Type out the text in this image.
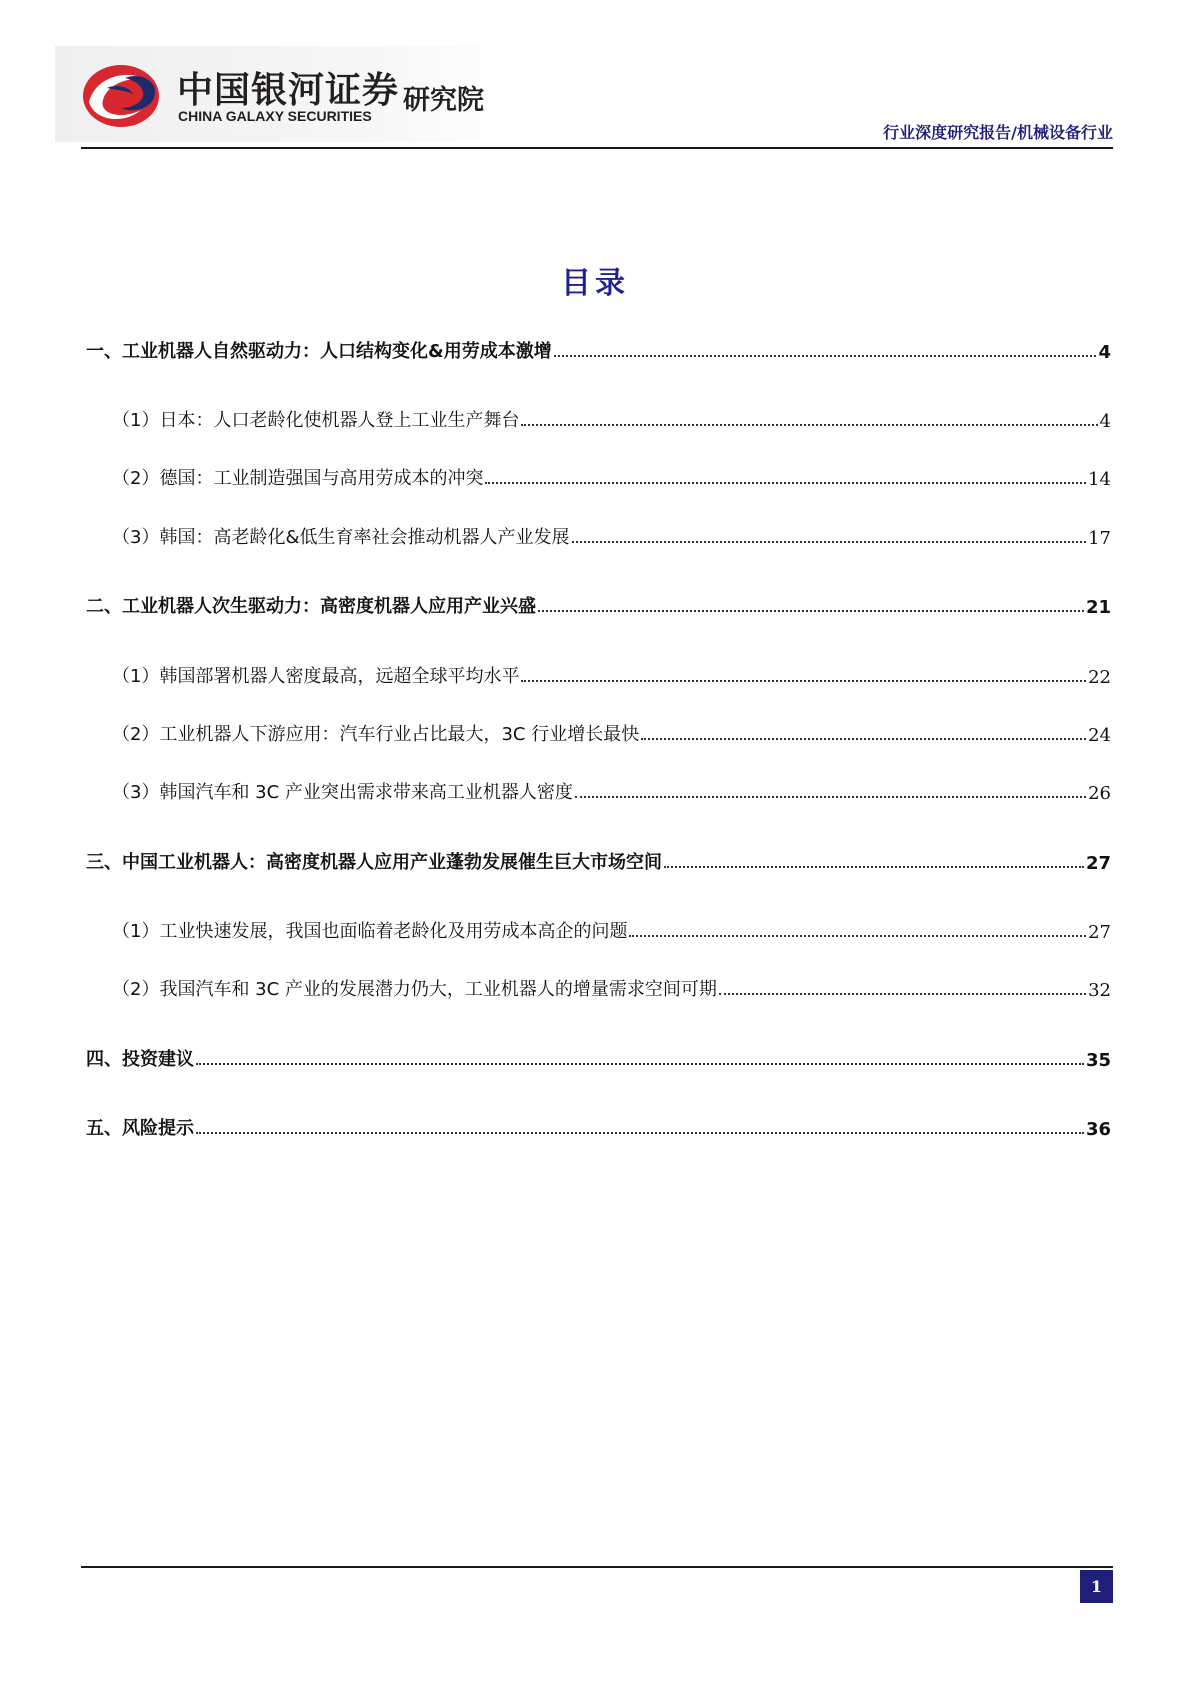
中国银河证券
CHINA GALAXY SECURITIES 研究院
行业深度研究报告/机械设备行业
目录
一、工业机器人自然驱动力：人口结构变化&用劳成本激增	4
（1）日本：人口老龄化使机器人登上工业生产舞台	4
（2）德国：工业制造强国与高用劳成本的冲突	14
（3）韩国：高老龄化&低生育率社会推动机器人产业发展	17
二、工业机器人次生驱动力：高密度机器人应用产业兴盛	21
（1）韩国部署机器人密度最高，远超全球平均水平	22
（2）工业机器人下游应用：汽车行业占比最大，3C 行业增长最快	24
（3）韩国汽车和 3C 产业突出需求带来高工业机器人密度	26
三、中国工业机器人：高密度机器人应用产业蓬勃发展催生巨大市场空间	27
（1）工业快速发展，我国也面临着老龄化及用劳成本高企的问题	27
（2）我国汽车和 3C 产业的发展潜力仍大，工业机器人的增量需求空间可期	32
四、投资建议	35
五、风险提示	36
1
